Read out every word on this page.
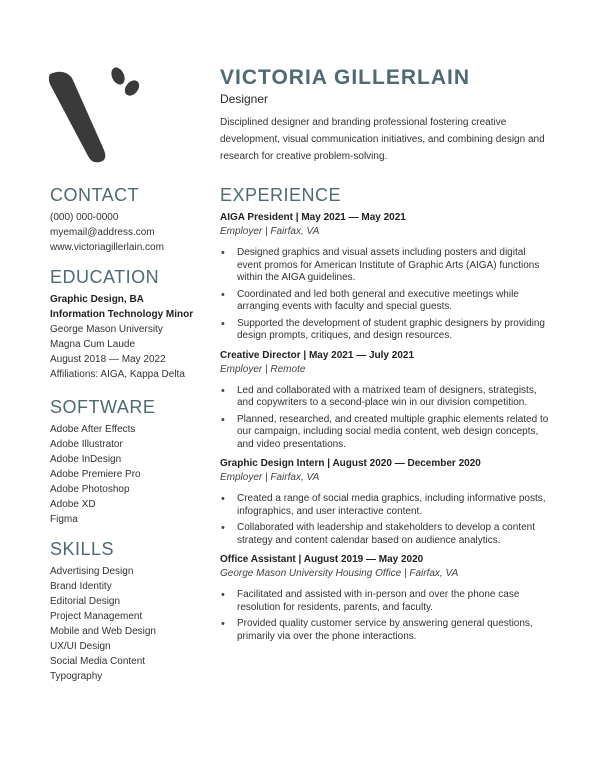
VICTORIA GILLERLAIN
Designer
Disciplined designer and branding professional fostering creative development, visual communication initiatives, and combining design and research for creative problem-solving.
CONTACT
(000) 000-0000
myemail@address.com
www.victoriagillerlain.com
EDUCATION
Graphic Design, BA
Information Technology Minor
George Mason University
Magna Cum Laude
August 2018 — May 2022
Affiliations: AIGA, Kappa Delta
SOFTWARE
Adobe After Effects
Adobe Illustrator
Adobe InDesign
Adobe Premiere Pro
Adobe Photoshop
Adobe XD
Figma
SKILLS
Advertising Design
Brand Identity
Editorial Design
Project Management
Mobile and Web Design
UX/UI Design
Social Media Content
Typography
EXPERIENCE
AIGA President | May 2021 — May 2021
Employer | Fairfax, VA
• Designed graphics and visual assets including posters and digital event promos for American Institute of Graphic Arts (AIGA) functions within the AIGA guidelines.
• Coordinated and led both general and executive meetings while arranging events with faculty and special guests.
• Supported the development of student graphic designers by providing design prompts, critiques, and design resources.
Creative Director | May 2021 — July 2021
Employer | Remote
• Led and collaborated with a matrixed team of designers, strategists, and copywriters to a second-place win in our division competition.
• Planned, researched, and created multiple graphic elements related to our campaign, including social media content, web design concepts, and video presentations.
Graphic Design Intern | August 2020 — December 2020
Employer | Fairfax, VA
• Created a range of social media graphics, including informative posts, infographics, and user interactive content.
• Collaborated with leadership and stakeholders to develop a content strategy and content calendar based on audience analytics.
Office Assistant | August 2019 — May 2020
George Mason University Housing Office | Fairfax, VA
• Facilitated and assisted with in-person and over the phone case resolution for residents, parents, and faculty.
• Provided quality customer service by answering general questions, primarily via over the phone interactions.
